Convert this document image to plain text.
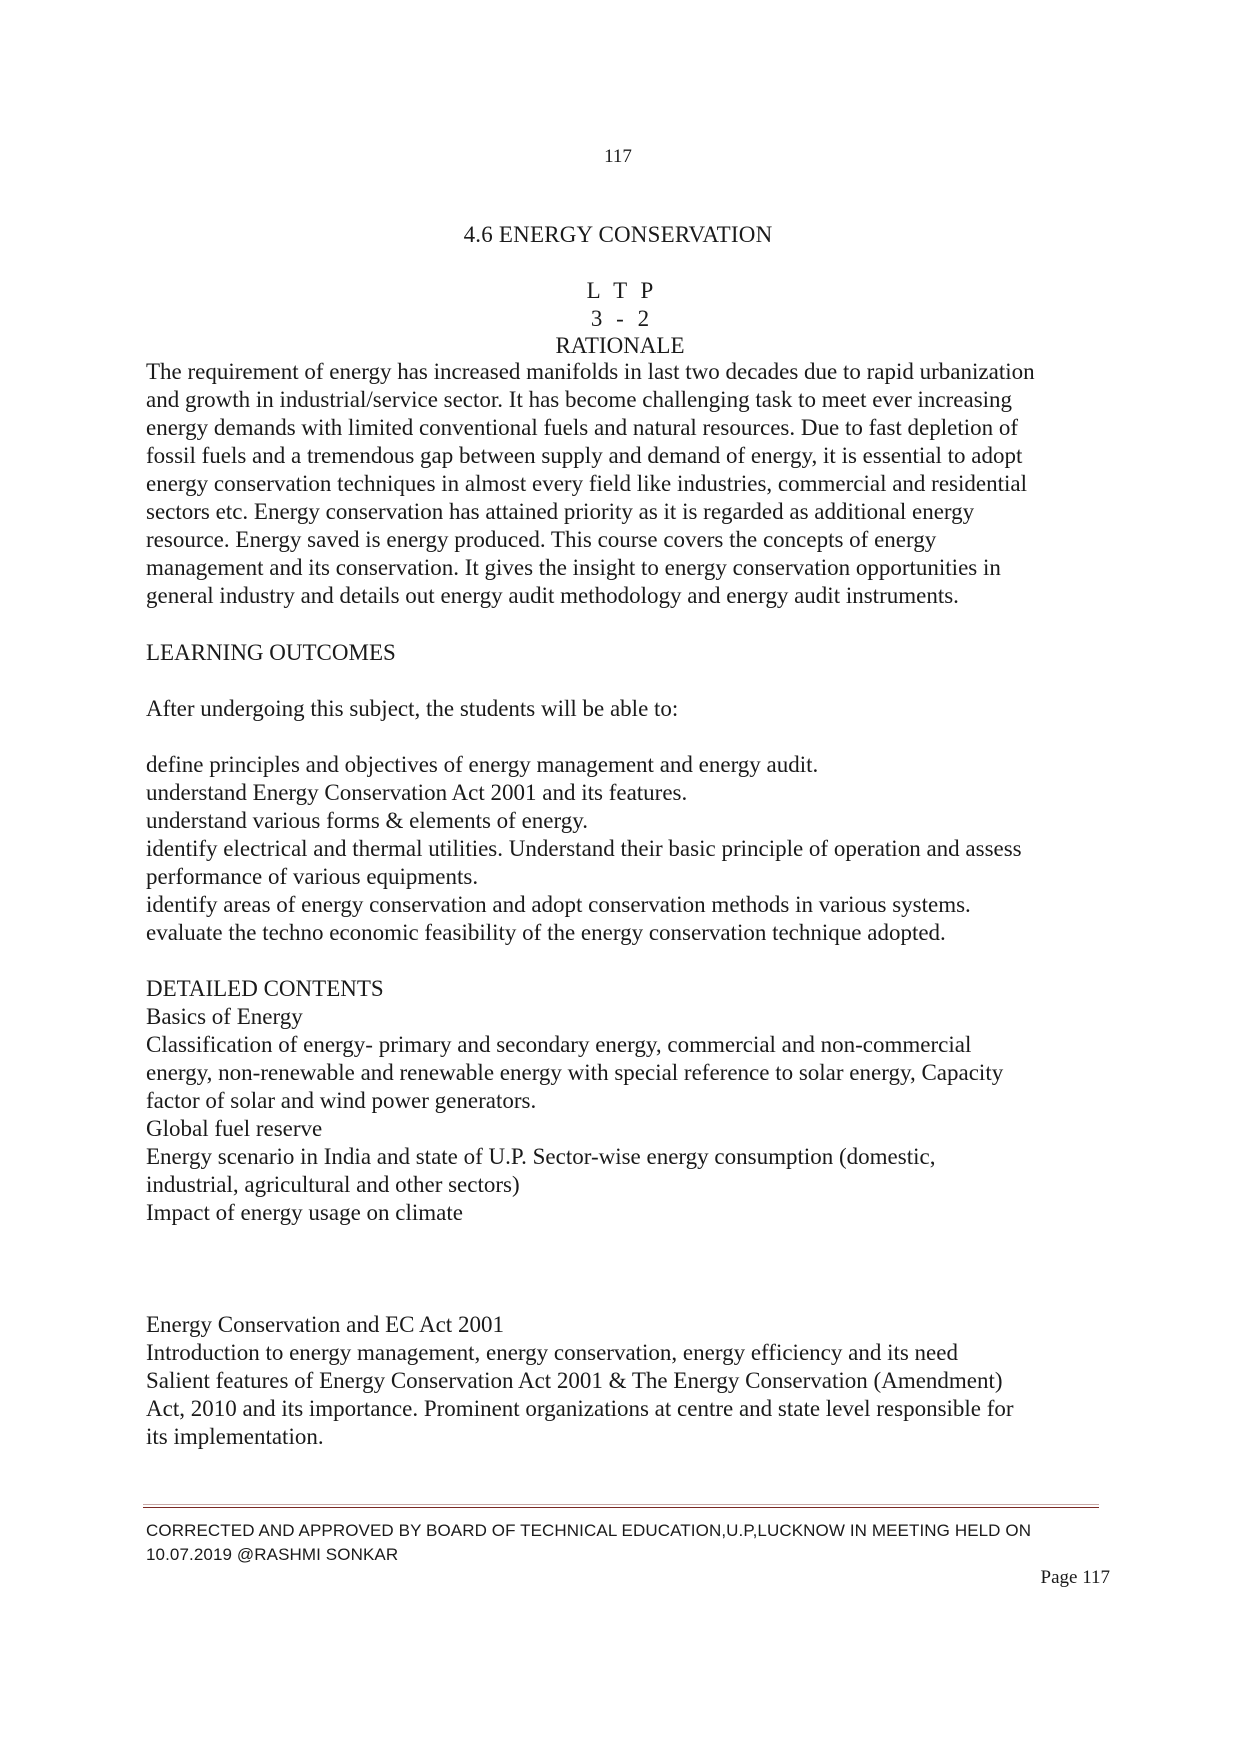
117
4.6 ENERGY CONSERVATION
L T P
3 - 2
RATIONALE
The requirement of energy has increased manifolds in last two decades due to rapid urbanization
and growth in industrial/service sector. It has become challenging task to meet ever increasing
energy demands with limited conventional fuels and natural resources. Due to fast depletion of
fossil fuels and a tremendous gap between supply and demand of energy, it is essential to adopt
energy conservation techniques in almost every field like industries, commercial and residential
sectors etc. Energy conservation has attained priority as it is regarded as additional energy
resource. Energy saved is energy produced. This course covers the concepts of energy
management and its conservation. It gives the insight to energy conservation opportunities in
general industry and details out energy audit methodology and energy audit instruments.
LEARNING OUTCOMES
After undergoing this subject, the students will be able to:
define principles and objectives of energy management and energy audit.
understand Energy Conservation Act 2001 and its features.
understand various forms & elements of energy.
identify electrical and thermal utilities. Understand their basic principle of operation and assess
performance of various equipments.
identify areas of energy conservation and adopt conservation methods in various systems.
evaluate the techno economic feasibility of the energy conservation technique adopted.
DETAILED CONTENTS
Basics of Energy
Classification of energy- primary and secondary energy, commercial and non-commercial
energy, non-renewable and renewable energy with special reference to solar energy, Capacity
factor of solar and wind power generators.
Global fuel reserve
Energy scenario in India and state of U.P. Sector-wise energy consumption (domestic,
industrial, agricultural and other sectors)
Impact of energy usage on climate
Energy Conservation and EC Act 2001
Introduction to energy management, energy conservation, energy efficiency and its need
Salient features of Energy Conservation Act 2001 & The Energy Conservation (Amendment)
Act, 2010 and its importance. Prominent organizations at centre and state level responsible for
its implementation.
CORRECTED AND APPROVED BY BOARD OF TECHNICAL EDUCATION,U.P,LUCKNOW IN MEETING HELD ON
10.07.2019 @RASHMI SONKAR
Page 117
